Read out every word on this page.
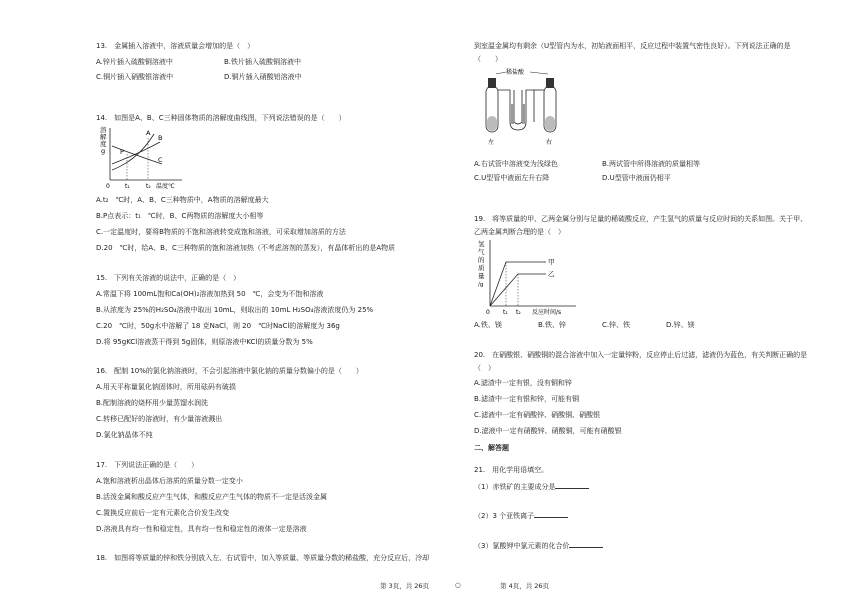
13.　金属插入溶液中，溶液质量会增加的是（　）
A.锌片插入硫酸铜溶液中	B.铁片插入硫酸铜溶液中
C.铜片插入硝酸银溶液中	D.铜片插入硝酸铝溶液中
14.　如图是A、B、C三种固体物质的溶解度曲线图，下列说法错误的是（　　）
溶
解
度
g
A
B
C
P
0	t₁	t₂ 温度℃
A.t₂　℃时，A、B、C三种物质中，A物质的溶解度最大
B.P点表示：t₁　℃时，B、C两物质的溶解度大小相等
C.一定温度时，要将B物质的不饱和溶液转变成饱和溶液，可采取增加溶质的方法
D.20　℃时，给A、B、C三种物质的饱和溶液加热（不考虑溶剂的蒸发），有晶体析出的是A物质
15.　下列有关溶液的说法中，正确的是（　）
A.常温下将 100mL饱和Ca(OH)₂溶液加热到 50　℃，会变为不饱和溶液
B.从浓度为 25%的H₂SO₄溶液中取出 10mL，则取出的 10mL H₂SO₄溶液浓度仍为 25%
C.20　℃时，50g水中溶解了 18 克NaCl，则 20　℃时NaCl的溶解度为 36g
D.将 95gKCl溶液蒸干得到 5g固体，则原溶液中KCl的质量分数为 5%
16.　配制 10%的氯化钠溶液时，不会引起溶液中氯化钠的质量分数偏小的是（　　）
A.用天平称量氯化钠固体时，所用砝码有破损
B.配制溶液的烧杯用少量蒸馏水润洗
C.转移已配好的溶液时，有少量溶液溅出
D.氯化钠晶体不纯
17.　下列说法正确的是（　　）
A.饱和溶液析出晶体后溶质的质量分数一定变小
B.活泼金属和酸反应产生气体，和酸反应产生气体的物质不一定是活泼金属
C.置换反应前后一定有元素化合价发生改变
D.溶液具有均一性和稳定性，具有均一性和稳定性的液体一定是溶液
18.　如图将等质量的锌和铁分别放入左、右试管中，加入等质量、等质量分数的稀盐酸，充分反应后，冷却
到室温金属均有剩余（U型管内为水，初始液面相平，反应过程中装置气密性良好）。下列说法正确的是
（　　）
稀盐酸
左	右
A.右试管中溶液变为浅绿色	B.两试管中所得溶液的质量相等
C.U型管中液面左升右降	D.U型管中液面仍相平
19.　将等质量的甲、乙两金属分别与足量的稀硫酸反应，产生氢气的质量与反应时间的关系如图。关于甲、
乙两金属判断合理的是（　）
氢
气
的
质
量
/g
甲
乙
0 t₁ t₂ 反应时间/s
A.铁、镁	B.铁、锌	C.锌、铁	D.锌、镁
20.　在硝酸银、硝酸铜的混合溶液中加入一定量锌粉，反应停止后过滤，滤液仍为蓝色，有关判断正确的是
（　）
A.滤渣中一定有银，没有铜和锌
B.滤渣中一定有银和锌，可能有铜
C.滤液中一定有硝酸锌、硝酸铜、硝酸银
D.滤液中一定有硝酸锌、硝酸铜，可能有硝酸银
二、解答题
21.　用化学用语填空。
（1）赤铁矿的主要成分是
（2）3 个亚铁离子
（3）氯酸钾中氯元素的化合价
第 3页，共 26页	○	第 4页，共 26页
